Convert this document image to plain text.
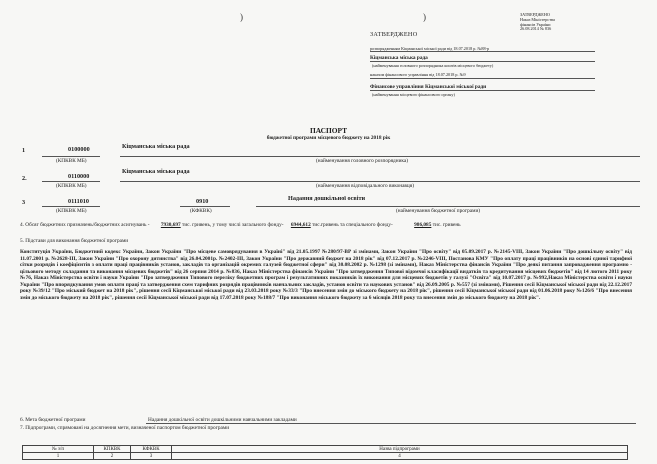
)	)	ЗАТВЕРДЖЕНО
Наказ Міністерства
фінансів України
26.08.2014 № 836
ЗАТВЕРДЖЕНО
розпорядженням Кіцманської міської ради від 18.07.2018 р. №88-р
Кіцманська міська рада
(найменування головного розпорядника коштів місцевого бюджету)
наказом фінансового управління від 18.07.2018 р. №9
Фінансове управління Кіцманської міської ради
(найменування місцевого фінансового органу)
ПАСПОРТ
бюджетної програми місцевого бюджету на 2018 рік
1	0100000	Кіцманська міська рада
(КПКВК МБ)	(найменування головного розпорядника)
2.	0110000
Кіцманська міська рада
(КПКВК МБ)	(найменування відповідального виконавця)
3	0111010	0910	Надання дошкільної освіти
(КПКВК МБ)	(КФКВК)	(найменування бюджетної програми)
4. Обсяг бюджетних призначень/бюджетних асигнувань - 7930,697 тис. гривень, у тому числі загального фонду- 6944,612 тис.гривень та спеціального фонду-	986,085 тис. гривень
5. Підстави для виконання бюджетної програми
Конституція України, Бюджетний кодекс України, Закон України "Про місцеве самоврядування в Україні" від 21.05.1997 №280/97-ВР зі змінами, Закон України "Про освіту" від 05.09.2017 р. №2145-VIII, Закон України "Про дошкільну освіту" від 11.07.2001 р. №2628-III, Закон України "Про охорону дитинства" від 26.04.2001р. №2402-III, Закон України "Про державний бюджет на 2018 рік" від 07.12.2017 р. №2246-VIII, Постанова КМУ "Про оплату праці працівників на основі єдиної тарифної сітки розрядів і коефіцієнтів з оплати праці працівників установ, закладів та організацій окремих галузей бюджетної сфери" від 30.08.2002 р. №1298 (зі змінами), Наказ Міністерства фінансів України "Про деякі питання запровадження програмно - цільового методу складання та виконання місцевих бюджетів" від 26 серпня 2014 р. №836, Наказ Міністерства фінансів України "Про затвердження Типової відомчої класифікації видатків та кредитування місцевих бюджетів" від 14 лютого 2011 року №76, Наказ Міністерства освіти і науки України "Про затвердження Типового переліку бюджетних програм і результативних показників їх виконання для місцевих бюджетів у галузі "Освіта" від 10.07.2017 р. №992,Наказ Міністерства освіти і науки України "Про впорядкування умов оплати праці та затвердження схем тарифних розрядів працівників навчальних закладів, установ освіти та наукових установ" від 26.09.2005 р. №557 (зі змінами), Рішення сесії Кіцманської міської ради від 22.12.2017 року №39/12 "Про міський бюджет на 2018 рік", рішення сесії Кіцманської міської ради від 23.03.2018 року №33/3 "Про внесення змін до міського бюджету на 2018 рік", рішення сесії Кіцманської міської ради від 01.06.2018 року №126/6 "Про внесення змін до міського бюджету на 2018 рік", рішення сесії Кіцманської міської ради від 17.07.2018 року №188/7 "Про виконання міського бюджету за 6 місяців 2018 року та внесення змін до міського бюджету на 2018 рік".
6. Мета бюджетної програми	Надання дошкільної освіти дошкільними навчальними закладами
7. Підпрограми, спрямовані на досягнення мети, визначеної паспортом бюджетної програми
№ з/п	КПКВК	КФКВК	Назва підпрограми
1	2	3	4
